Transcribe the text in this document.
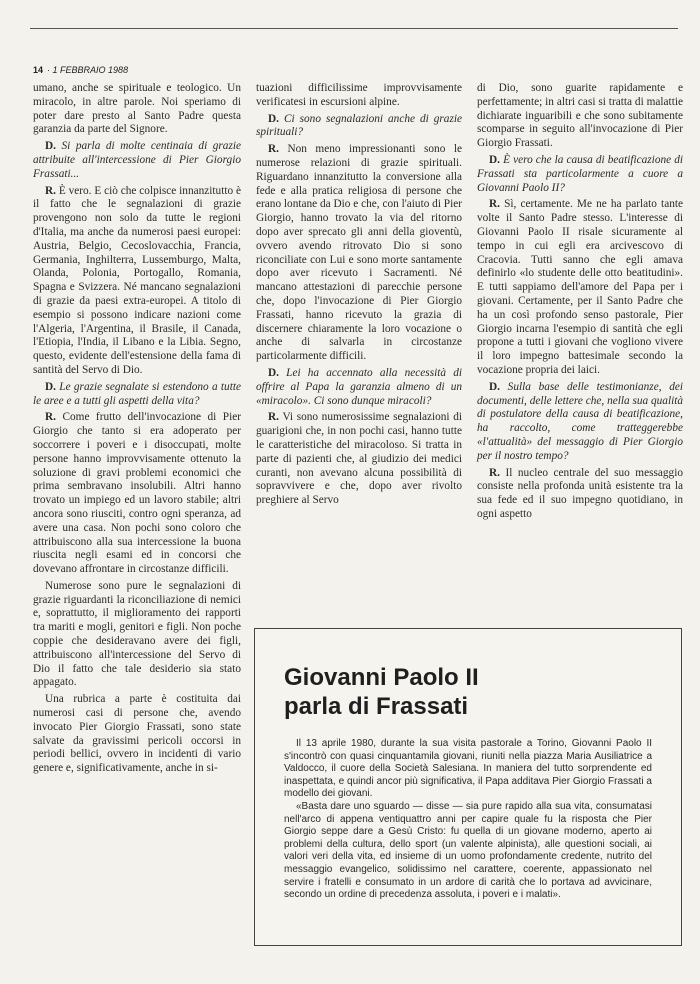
14 · 1 FEBBRAIO 1988

umano, anche se spirituale e teologico. Un miracolo, in altre parole. Noi speriamo di poter dare presto al Santo Padre questa garanzia da parte del Signore.

D. Si parla di molte centinaia di grazie attribuite all'intercessione di Pier Giorgio Frassati...

R. È vero. E ciò che colpisce innanzitutto è il fatto che le segnalazioni di grazie provengono non solo da tutte le regioni d'Italia, ma anche da numerosi paesi europei: Austria, Belgio, Cecoslovacchia, Francia, Germania, Inghilterra, Lussemburgo, Malta, Olanda, Polonia, Portogallo, Romania, Spagna e Svizzera. Né mancano segnalazioni di grazie da paesi extra-europei. A titolo di esempio si possono indicare nazioni come l'Algeria, l'Argentina, il Brasile, il Canada, l'Etiopia, l'India, il Libano e la Libia. Segno, questo, evidente dell'estensione della fama di santità del Servo di Dio.

D. Le grazie segnalate si estendono a tutte le aree e a tutti gli aspetti della vita?

R. Come frutto dell'invocazione di Pier Giorgio che tanto si era adoperato per soccorrere i poveri e i disoccupati, molte persone hanno improvvisamente ottenuto la soluzione di gravi problemi economici che prima sembravano insolubili. Altri hanno trovato un impiego ed un lavoro stabile; altri ancora sono riusciti, contro ogni speranza, ad avere una casa. Non pochi sono coloro che attribuiscono alla sua intercessione la buona riuscita negli esami ed in concorsi che dovevano affrontare in circostanze difficili.

Numerose sono pure le segnalazioni di grazie riguardanti la riconciliazione di nemici e, soprattutto, il miglioramento dei rapporti tra mariti e mogli, genitori e figli. Non poche coppie che desideravano avere dei figli, attribuiscono all'intercessione del Servo di Dio il fatto che tale desiderio sia stato appagato.

Una rubrica a parte è costituita dai numerosi casi di persone che, avendo invocato Pier Giorgio Frassati, sono state salvate da gravissimi pericoli occorsi in periodi bellici, ovvero in incidenti di vario genere e, significativamente, anche in si-

tuazioni difficilissime improvvisamente verificatesi in escursioni alpine.

D. Ci sono segnalazioni anche di grazie spirituali?

R. Non meno impressionanti sono le numerose relazioni di grazie spirituali. Riguardano innanzitutto la conversione alla fede e alla pratica religiosa di persone che erano lontane da Dio e che, con l'aiuto di Pier Giorgio, hanno trovato la via del ritorno dopo aver sprecato gli anni della gioventù, ovvero avendo ritrovato Dio si sono riconciliate con Lui e sono morte santamente dopo aver ricevuto i Sacramenti. Né mancano attestazioni di parecchie persone che, dopo l'invocazione di Pier Giorgio Frassati, hanno ricevuto la grazia di discernere chiaramente la loro vocazione o anche di salvarla in circostanze particolarmente difficili.

D. Lei ha accennato alla necessità di offrire al Papa la garanzia almeno di un «miracolo». Ci sono dunque miracoli?

R. Vi sono numerosissime segnalazioni di guarigioni che, in non pochi casi, hanno tutte le caratteristiche del miracoloso. Si tratta in parte di pazienti che, al giudizio dei medici curanti, non avevano alcuna possibilità di sopravvivere e che, dopo aver rivolto preghiere al Servo

di Dio, sono guarite rapidamente e perfettamente; in altri casi si tratta di malattie dichiarate inguaribili e che sono subitamente scomparse in seguito all'invocazione di Pier Giorgio Frassati.

D. È vero che la causa di beatificazione di Frassati sta particolarmente a cuore a Giovanni Paolo II?

R. Sì, certamente. Me ne ha parlato tante volte il Santo Padre stesso. L'interesse di Giovanni Paolo II risale sicuramente al tempo in cui egli era arcivescovo di Cracovia. Tutti sanno che egli amava definirlo «lo studente delle otto beatitudini». E tutti sappiamo dell'amore del Papa per i giovani. Certamente, per il Santo Padre che ha un così profondo senso pastorale, Pier Giorgio incarna l'esempio di santità che egli propone a tutti i giovani che vogliono vivere il loro impegno battesimale secondo la vocazione propria dei laici.

D. Sulla base delle testimonianze, dei documenti, delle lettere che, nella sua qualità di postulatore della causa di beatificazione, ha raccolto, come tratteggerebbe «l'attualità» del messaggio di Pier Giorgio per il nostro tempo?

R. Il nucleo centrale del suo messaggio consiste nella profonda unità esistente tra la sua fede ed il suo impegno quotidiano, in ogni aspetto

Giovanni Paolo II
parla di Frassati

Il 13 aprile 1980, durante la sua visita pastorale a Torino, Giovanni Paolo II s'incontrò con quasi cinquantamila giovani, riuniti nella piazza Maria Ausiliatrice a Valdocco, il cuore della Società Salesiana. In maniera del tutto sorprendente ed inaspettata, e quindi ancor più significativa, il Papa additava Pier Giorgio Frassati a modello dei giovani.

«Basta dare uno sguardo — disse — sia pure rapido alla sua vita, consumatasi nell'arco di appena ventiquattro anni per capire quale fu la risposta che Pier Giorgio seppe dare a Gesù Cristo: fu quella di un giovane moderno, aperto ai problemi della cultura, dello sport (un valente alpinista), alle questioni sociali, ai valori veri della vita, ed insieme di un uomo profondamente credente, nutrito del messaggio evangelico, solidissimo nel carattere, coerente, appassionato nel servire i fratelli e consumato in un ardore di carità che lo portava ad avvicinare, secondo un ordine di precedenza assoluta, i poveri e i malati».
